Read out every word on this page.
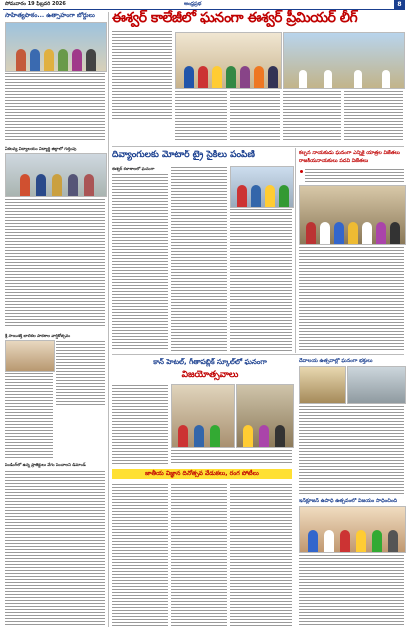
సోమవారం 19 ఫిబ్రవరి 2026	ఆంధ్రప్రభ	8
సాహిత్యపాఠం... ఉత్సాహంగా బోర్డులు
ఏకలవ్య విద్యాలయం విద్యార్థి జిల్లాలో గుర్తింపు
శ్రీ సాయిశక్తి బాలికల పాఠశాల వార్షికోత్సవం
పెండింగ్‌లో ఉన్న ప్రాజెక్టులు వేగం పెంచాలని డిమాండ్
ఈశ్వర్ కాలేజీలో ఘనంగా ఈశ్వర్ ప్రీమియర్ లీగ్
దివ్యాంగులకు మోటార్ ట్రై సైకిలు పంపిణీ
ఈశ్వర్ కళాశాలలో ఘనంగా
కల్పన నాయకుడు ఘనంగా ఎన్నికై యాత్రల విజేతలు
రాజకీయనాయకులు పదవి విజేతలు
కాన్ హెటల్, గీతాపబ్లిక్ స్కూల్‌లో ఘనంగా
విజయోత్సవాలు
దేవాలయ ఉత్సవాల్లో ఘనంగా భక్తులు
ఇన్‌క్లూజన్ ఉపాధి ఉత్సవంలో విజయం సాధించింది
జాతీయ విజ్ఞాన దినోత్సవ వేడుకలు, రంగ పోటీలు
